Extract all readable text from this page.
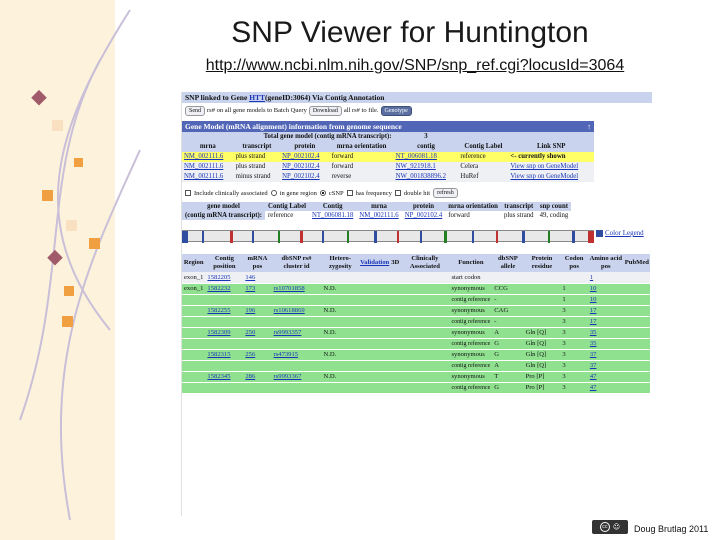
SNP Viewer for Huntington
http://www.ncbi.nlm.nih.gov/SNP/snp_ref.cgi?locusId=3064
SNP linked to Gene HTT(geneID:3064) Via Contig Annotation
Send rs# on all gene models to Batch Query	Download all rs# to file.	Genotype
Gene Model (mRNA alignment) information from genome sequence	↑
Total gene model (contig mRNA transcript):				3		
mrna	transcript	protein	mrna orientation	contig	Contig Label	Link SNP
NM_002111.6	plus strand	NP_002102.4	forward	NT_006081.18	reference	<- currently shown
NM_002111.6	plus strand	NP_002102.4	forward	NW_921918.1	Celera	View snp on GeneModel
NM_002111.6	minus strand	NP_002102.4	reverse	NW_001838896.2	HuRef	View snp on GeneModel
Include clinically associated in gene region cSNP has frequency double hit	refresh
gene model	Contig Label	Contig	mrna	protein	mrna orientation	transcript	snp count
(contig mRNA transcript):	reference	NT_006081.18	NM_002111.6	NP_002102.4	forward	plus strand	49, coding
Color Legend
Region	Contig position	mRNA pos	dbSNP rs# cluster id	Hetero-zygosity	Validation	3D	Clinically Associated	Function	dbSNP allele	Protein residue	Codon pos	Amino acid pos	PubMed
exon_1	1582205	146						start codon				1	
exon_1	1582232	173	rs10701858	N.D.				synonymous	CCG		1	10	
								contig reference	-		1	10	
	1582255	196	rs10618869	N.D.				synonymous	CAG		3	17	
								contig reference	-		3	17	
	1582309	250	rs9993357	N.D.				synonymous	A	Gln [Q]	3	35	
								contig reference	G	Gln [Q]	3	35	
	1582315	256	rs473915	N.D.				synonymous	G	Gln [Q]	3	37	
								contig reference	A	Gln [Q]	3	37	
	1582345	286	rs9993367	N.D.				synonymous	T	Pro [P]	3	47	
								contig reference	G	Pro [P]	3	47	
cc ☺ Doug Brutlag 2011
